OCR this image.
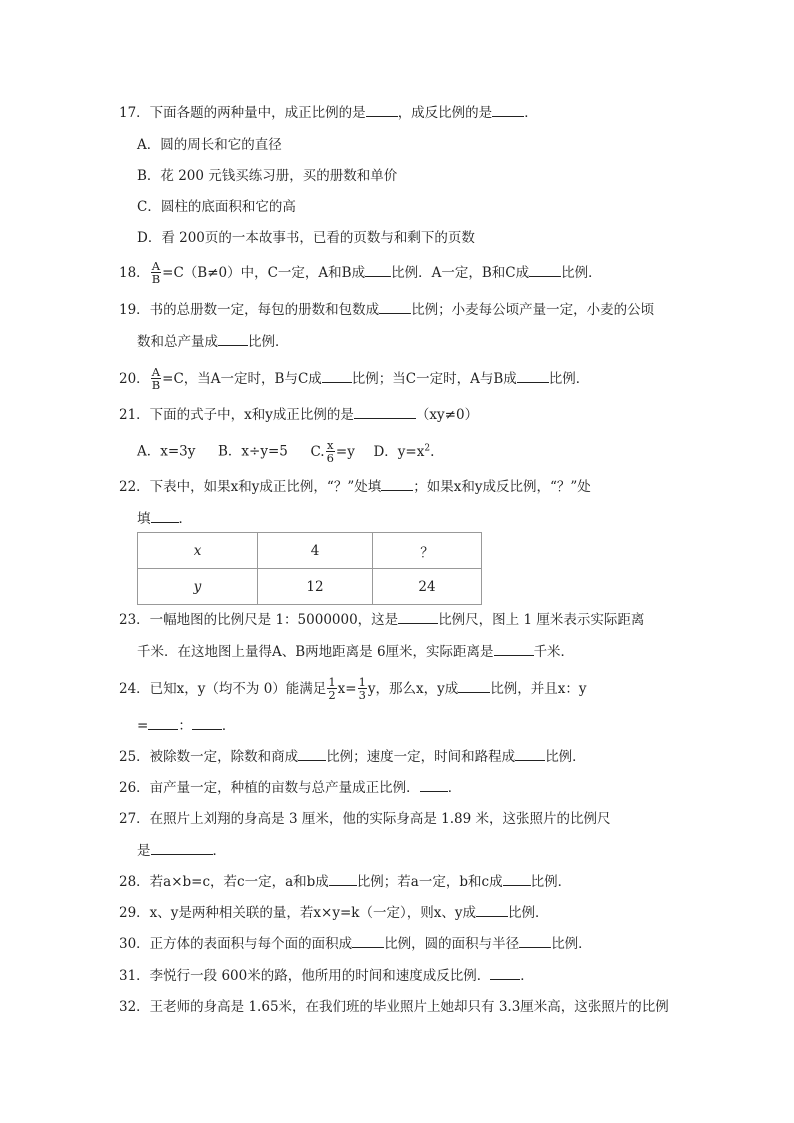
17．下面各题的两种量中，成正比例的是 ，成反比例的是 ．
A．圆的周长和它的直径
B．花 200 元钱买练习册，买的册数和单价
C．圆柱的底面积和它的高
D．看 200页的一本故事书，已看的页数与和剩下的页数
18． $\frac{A}{B} =C(B\ne 0)$中，C一定，A和B成 比例．A一定，B和C成 比例．
19．书的总册数一定，每包的册数和包数成 比例；小麦每公顷产量一定，小麦的公顷
数和总产量成 比例．
20． $\frac{A}{B} =C$，当A一定时，B与C成 比例；当C一定时，A与B成 比例．
21．下面的式子中，x和y成正比例的是	（xy≠0）
A．x=3y B．x÷y=5 C. $\frac{x}{6} =y$ D．$y=x^2$.
22．下表中，如果x和y成正比例，“？”处填 ；如果x和y成反比例，“？”处
填 ．
x	4	？
y	12	24
23．一幅地图的比例尺是 1：5000000，这是	比例尺，图上 1 厘米表示实际距离
千米．在这地图上量得A、B两地距离是 6厘米，实际距离是	千米．
24．已知x，y（均不为 0）能满足 $\frac{1}{2} x= \frac{1}{3}$ y，那么x，y成 比例，并且x：y
= ： ．
25．被除数一定，除数和商成 比例；速度一定，时间和路程成 比例．
26．亩产量一定，种植的亩数与总产量成正比例． ．
27．在照片上刘翔的身高是 3 厘米，他的实际身高是 1.89 米，这张照片的比例尺
是	．
28．若a×b=c，若c一定，a和b成 比例；若a一定，b和c成 比例．
29．x、y是两种相关联的量，若x×y=k（一定），则x、y成 比例．
30．正方体的表面积与每个面的面积成 比例，圆的面积与半径 比例．
31．李悦行一段 600米的路，他所用的时间和速度成反比例． ．
32．王老师的身高是 1.65米，在我们班的毕业照片上她却只有 3.3厘米高，这张照片的比例
